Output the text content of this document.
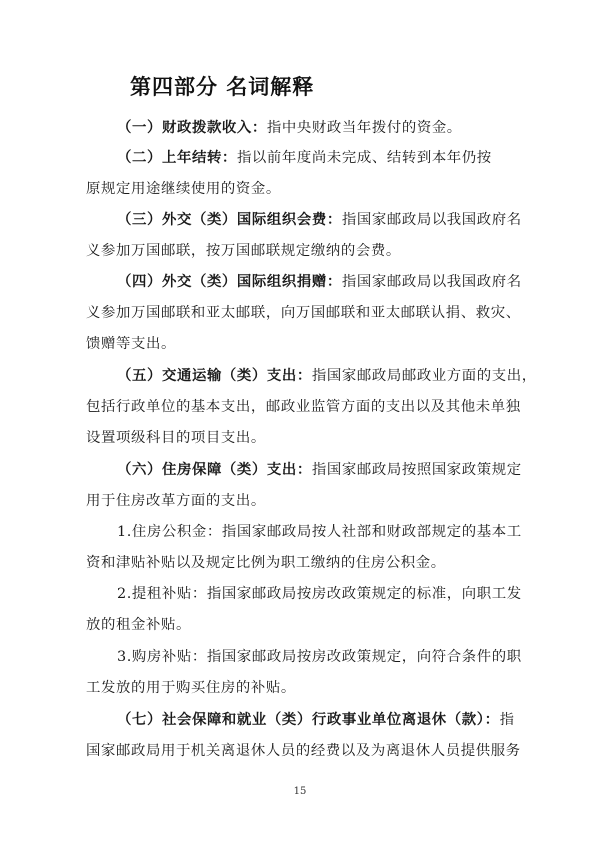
第四部分 名词解释
（一）财政拨款收入：指中央财政当年拨付的资金。
（二）上年结转：指以前年度尚未完成、结转到本年仍按
原规定用途继续使用的资金。
（三）外交（类）国际组织会费：指国家邮政局以我国政府名
义参加万国邮联，按万国邮联规定缴纳的会费。
（四）外交（类）国际组织捐赠：指国家邮政局以我国政府名
义参加万国邮联和亚太邮联，向万国邮联和亚太邮联认捐、救灾、
馈赠等支出。
（五）交通运输（类）支出：指国家邮政局邮政业方面的支出，
包括行政单位的基本支出，邮政业监管方面的支出以及其他未单独
设置项级科目的项目支出。
（六）住房保障（类）支出：指国家邮政局按照国家政策规定
用于住房改革方面的支出。
1.住房公积金：指国家邮政局按人社部和财政部规定的基本工
资和津贴补贴以及规定比例为职工缴纳的住房公积金。
2.提租补贴：指国家邮政局按房改政策规定的标准，向职工发
放的租金补贴。
3.购房补贴：指国家邮政局按房改政策规定，向符合条件的职
工发放的用于购买住房的补贴。
（七）社会保障和就业（类）行政事业单位离退休（款）：指
国家邮政局用于机关离退休人员的经费以及为离退休人员提供服务
15
